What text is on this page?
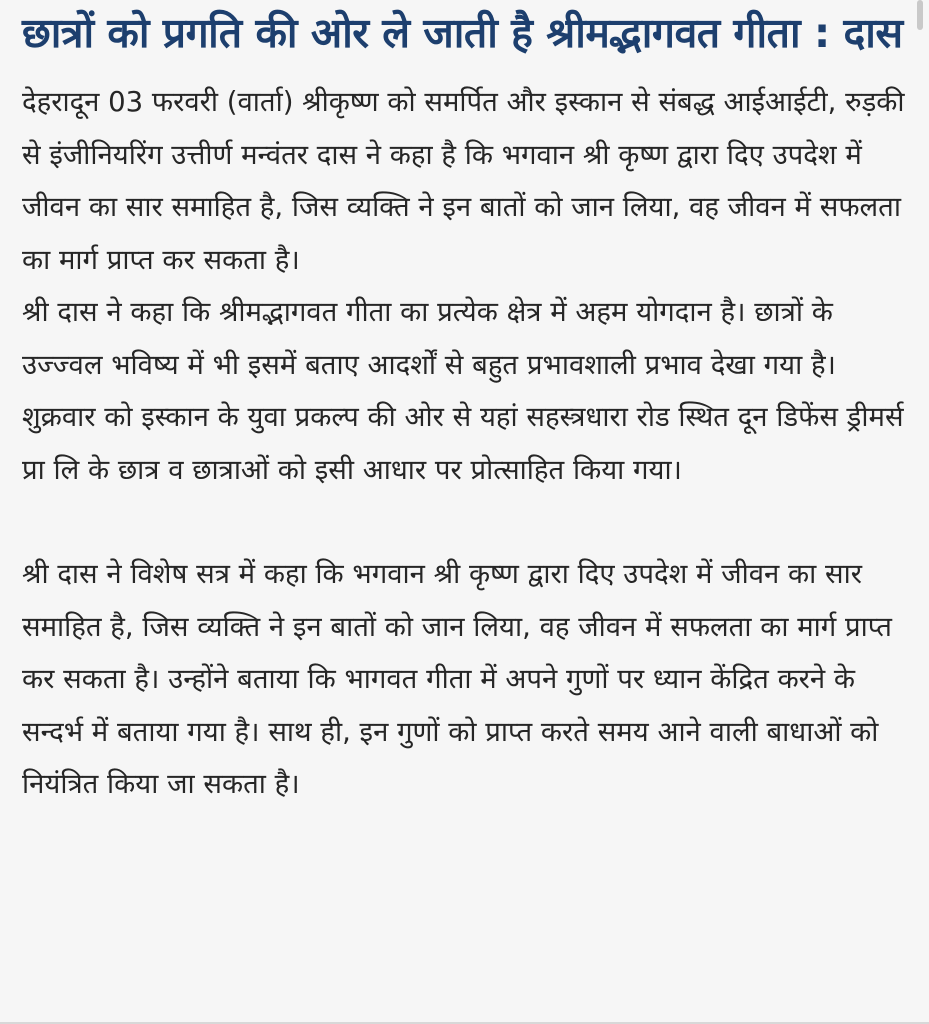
छात्रों को प्रगति की ओर ले जाती है श्रीमद्भागवत गीता : दास

देहरादून 03 फरवरी (वार्ता) श्रीकृष्ण को समर्पित और इस्कान से संबद्ध आईआईटी, रुड़की से इंजीनियरिंग उत्तीर्ण मन्वंतर दास ने कहा है कि भगवान श्री कृष्ण द्वारा दिए उपदेश में जीवन का सार समाहित है, जिस व्यक्ति ने इन बातों को जान लिया, वह जीवन में सफलता का मार्ग प्राप्त कर सकता है।

श्री दास ने कहा कि श्रीमद्भागवत गीता का प्रत्येक क्षेत्र में अहम योगदान है। छात्रों के उज्ज्वल भविष्य में भी इसमें बताए आदर्शों से बहुत प्रभावशाली प्रभाव देखा गया है। शुक्रवार को इस्कान के युवा प्रकल्प की ओर से यहां सहस्त्रधारा रोड स्थित दून डिफेंस ड्रीमर्स प्रा लि के छात्र व छात्राओं को इसी आधार पर प्रोत्साहित किया गया।

श्री दास ने विशेष सत्र में कहा कि भगवान श्री कृष्ण द्वारा दिए उपदेश में जीवन का सार समाहित है, जिस व्यक्ति ने इन बातों को जान लिया, वह जीवन में सफलता का मार्ग प्राप्त कर सकता है। उन्होंने बताया कि भागवत गीता में अपने गुणों पर ध्यान केंद्रित करने के सन्दर्भ में बताया गया है। साथ ही, इन गुणों को प्राप्त करते समय आने वाली बाधाओं को नियंत्रित किया जा सकता है।
